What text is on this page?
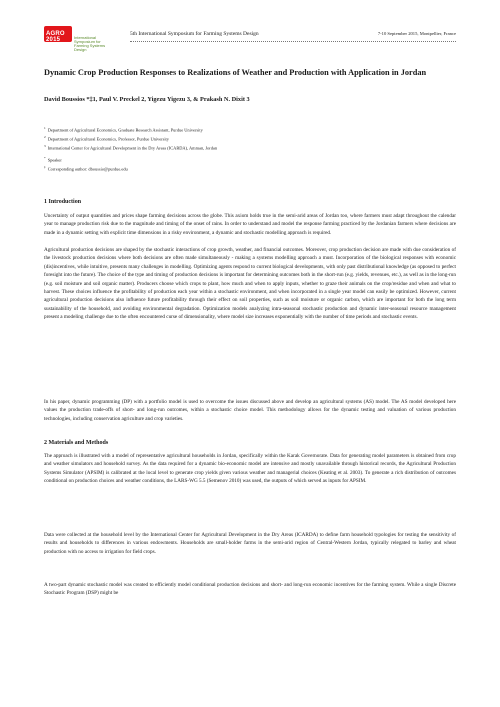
AGRO 2015	International Symposium for Farming Systems Design
5th International Symposium for Farming Systems Design	7-10 September 2015, Montpellier, France
Dynamic Crop Production Responses to Realizations of Weather and Production with Application in Jordan
David Boussios *‡1, Paul V. Preckel 2, Yigezu Yigezu 3, & Prakash N. Dixit 3
$^1$ Department of Agricultural Economics, Graduate Research Assistant, Purdue University
$^2$ Department of Agricultural Economics, Professor, Purdue University
$^3$ International Center for Agricultural Development in the Dry Areas (ICARDA), Amman, Jordan
* Speaker
‡ Corresponding author: dboussio@purdue.edu
1 Introduction

Uncertainty of output quantities and prices shape farming decisions across the globe. This axiom holds true in the semi-arid areas of Jordan too, where farmers must adapt throughout the calendar year to manage production risk due to the magnitude and timing of the onset of rains. In order to understand and model the response farming practiced by the Jordanian farmers where decisions are made in a dynamic setting with explicit time dimensions in a risky environment, a dynamic and stochastic modelling approach is required.

Agricultural production decisions are shaped by the stochastic interactions of crop growth, weather, and financial outcomes. Moreover, crop production decision are made with due consideration of the livestock production decisions where both decisions are often made simultaneously - making a systems modelling approach a must. Incorporation of the biological responses with economic (dis)incentives, while intuitive, presents many challenges in modelling. Optimizing agents respond to current biological developments, with only past distributional knowledge (as opposed to perfect foresight into the future). The choice of the type and timing of production decisions is important for determining outcomes both in the short-run (e.g. yields, revenues, etc.), as well as in the long-run (e.g. soil moisture and soil organic matter). Producers choose which crops to plant, how much and when to apply inputs, whether to graze their animals on the crop/residue and when and what to harvest. These choices influence the profitability of production each year within a stochastic environment, and when incorporated in a single year model can easily be optimized. However, current agricultural production decisions also influence future profitability through their effect on soil properties, such as soil moisture or organic carbon, which are important for both the long term sustainability of the household, and avoiding environmental degradation. Optimization models analyzing intra-seasonal stochastic production and dynamic inter-seasonal resource management present a modeling challenge due to the often encountered curse of dimensionality, where model size increases exponentially with the number of time periods and stochastic events.

In his paper, dynamic programming (DP) with a portfolio model is used to overcome the issues discussed above and develop an agricultural systems (AS) model. The AS model developed here values the production trade-offs of short- and long-run outcomes, within a stochastic choice model. This methodology allows for the dynamic testing and valuation of various production technologies, including conservation agriculture and crop varieties.

2 Materials and Methods

The approach is illustrated with a model of representative agricultural households in Jordan, specifically within the Karak Governorate. Data for generating model parameters is obtained from crop and weather simulators and household survey. As the data required for a dynamic bio-economic model are intensive and mostly unavailable through historical records, the Agricultural Production Systems Simulator (APSIM) is calibrated at the local level to generate crop yields given various weather and managerial choices (Keating et al. 2003). To generate a rich distribution of outcomes conditional on production choices and weather conditions, the LARS-WG 5.5 (Semenov 2010) was used, the outputs of which served as inputs for APSIM.

Data were collected at the household level by the International Center for Agricultural Development in the Dry Areas (ICARDA) to define farm household typologies for testing the sensitivity of results and households to differences in various endowments. Households are small-holder farms in the semi-arid region of Central-Western Jordan, typically relegated to barley and wheat production with no access to irrigation for field crops.

A two-part dynamic stochastic model was created to efficiently model conditional production decisions and short- and long-run economic incentives for the farming system. While a single Discrete Stochastic Program (DSP) might be
